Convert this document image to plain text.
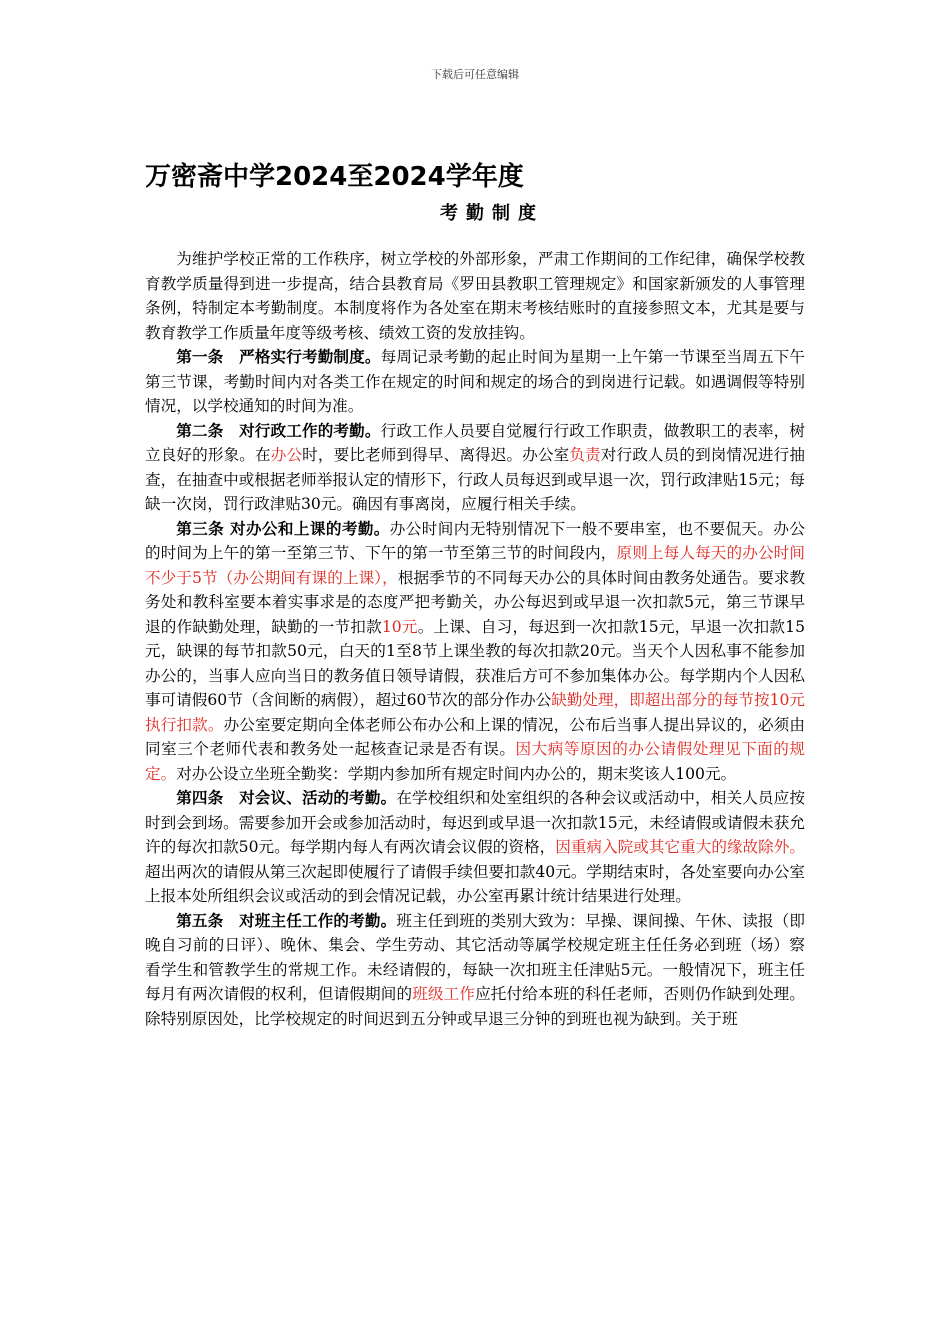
下载后可任意编辑
万密斋中学2024至2024学年度
考勤制度

为维护学校正常的工作秩序，树立学校的外部形象，严肃工作期间的工作纪律，确保学校教育教学质量得到进一步提高，结合县教育局《罗田县教职工管理规定》和国家新颁发的人事管理条例，特制定本考勤制度。本制度将作为各处室在期末考核结账时的直接参照文本，尤其是要与教育教学工作质量年度等级考核、绩效工资的发放挂钩。

第一条　严格实行考勤制度。每周记录考勤的起止时间为星期一上午第一节课至当周五下午第三节课，考勤时间内对各类工作在规定的时间和规定的场合的到岗进行记载。如遇调假等特别情况，以学校通知的时间为准。

第二条　对行政工作的考勤。行政工作人员要自觉履行行政工作职责，做教职工的表率，树立良好的形象。在办公时，要比老师到得早、离得迟。办公室负责对行政人员的到岗情况进行抽查，在抽查中或根据老师举报认定的情形下，行政人员每迟到或早退一次，罚行政津贴15元；每缺一次岗，罚行政津贴30元。确因有事离岗，应履行相关手续。

第三条 对办公和上课的考勤。办公时间内无特别情况下一般不要串室，也不要侃天。办公的时间为上午的第一至第三节、下午的第一节至第三节的时间段内，原则上每人每天的办公时间不少于5节（办公期间有课的上课），根据季节的不同每天办公的具体时间由教务处通告。要求教务处和教科室要本着实事求是的态度严把考勤关，办公每迟到或早退一次扣款5元，第三节课早退的作缺勤处理，缺勤的一节扣款10元。上课、自习，每迟到一次扣款15元，早退一次扣款15元，缺课的每节扣款50元，白天的1至8节上课坐教的每次扣款20元。当天个人因私事不能参加办公的，当事人应向当日的教务值日领导请假，获准后方可不参加集体办公。每学期内个人因私事可请假60节（含间断的病假），超过60节次的部分作办公缺勤处理，即超出部分的每节按10元执行扣款。办公室要定期向全体老师公布办公和上课的情况，公布后当事人提出异议的，必须由同室三个老师代表和教务处一起核查记录是否有误。因大病等原因的办公请假处理见下面的规定。对办公设立坐班全勤奖：学期内参加所有规定时间内办公的，期末奖该人100元。

第四条　对会议、活动的考勤。在学校组织和处室组织的各种会议或活动中，相关人员应按时到会到场。需要参加开会或参加活动时，每迟到或早退一次扣款15元，未经请假或请假未获允许的每次扣款50元。每学期内每人有两次请会议假的资格，因重病入院或其它重大的缘故除外。超出两次的请假从第三次起即使履行了请假手续但要扣款40元。学期结束时，各处室要向办公室上报本处所组织会议或活动的到会情况记载，办公室再累计统计结果进行处理。

第五条　对班主任工作的考勤。班主任到班的类别大致为：早操、课间操、午休、读报（即晚自习前的日评）、晚休、集会、学生劳动、其它活动等属学校规定班主任任务必到班（场）察看学生和管教学生的常规工作。未经请假的，每缺一次扣班主任津贴5元。一般情况下，班主任每月有两次请假的权利，但请假期间的班级工作应托付给本班的科任老师，否则仍作缺到处理。除特别原因处，比学校规定的时间迟到五分钟或早退三分钟的到班也视为缺到。关于班
